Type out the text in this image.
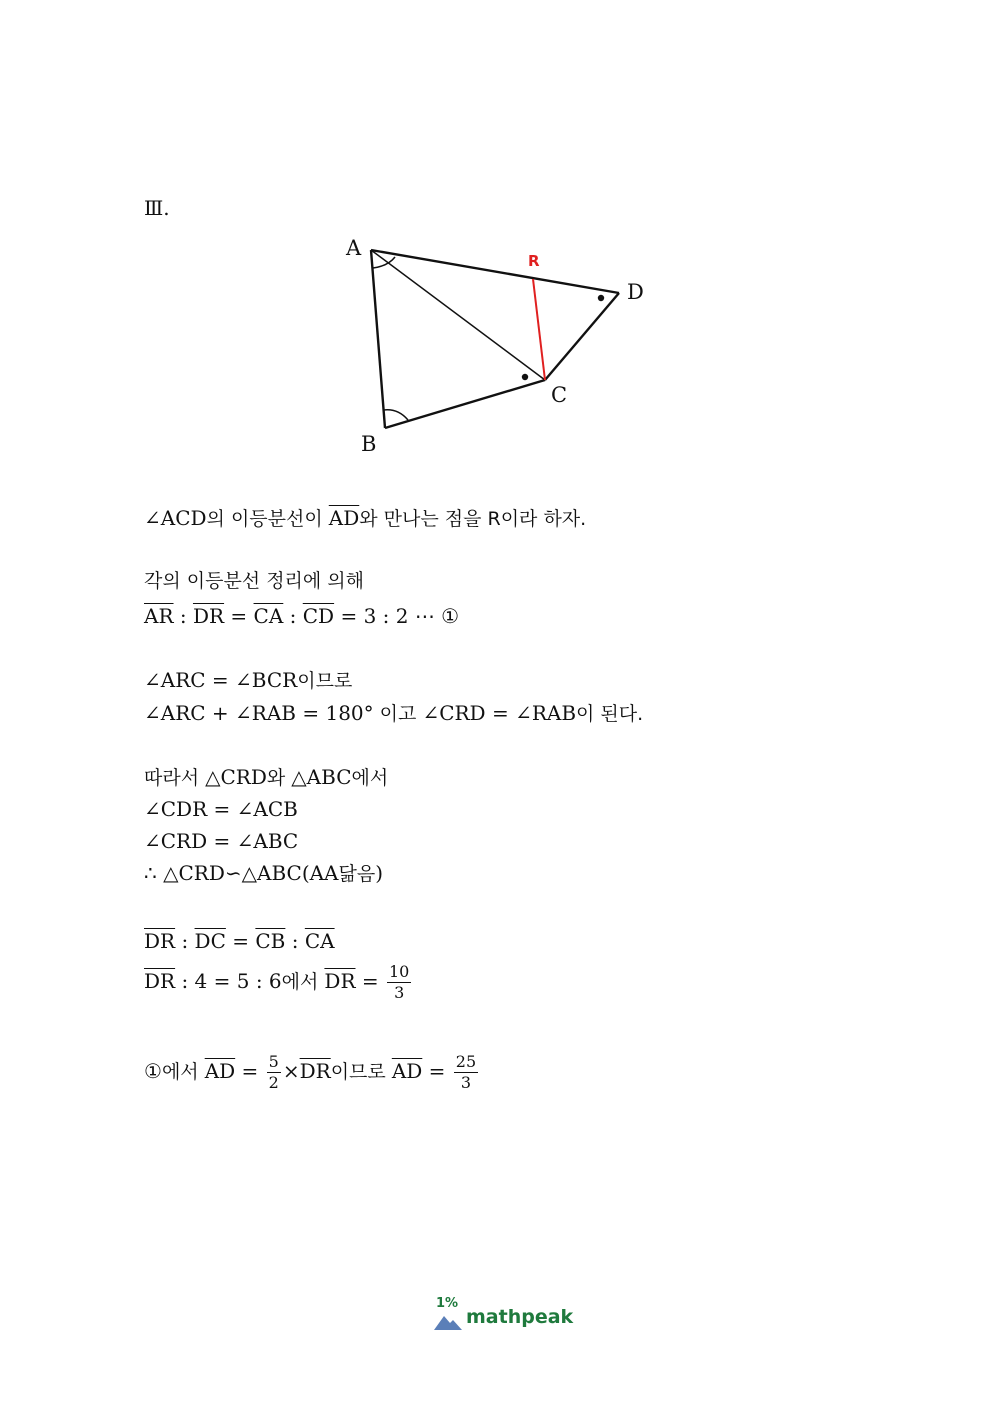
Ⅲ.
A
B
C
D
R
∠ACD의 이등분선이 $\overline{AD}$와 만나는 점을 R이라 하자.
각의 이등분선 정리에 의해
$\overline{AR}$ : $\overline{DR} = \overline{CA}$ : $\overline{CD} = 3$ : 2 ⋯ ①
∠ARC = ∠BCR이므로
∠ARC + ∠RAB = 180° 이고 ∠CRD = ∠RAB이 된다.
따라서 △CRD와 △ABC에서
∠CDR = ∠ACB
∠CRD = ∠ABC
∴ △CRD∽△ABC(AA닮음)
$\overline{DR}$ : $\overline{DC} = \overline{CB}$ : $\overline{CA}$
$\overline{DR}$ : 4 = 5 : 6에서 $\overline{DR} = \frac{10}{3}$
①에서 $\overline{AD} = \frac{5}{2} \times\overline{DR}$이므로 $\overline{AD} = \frac{25}{3}$
1%
mathpeak
